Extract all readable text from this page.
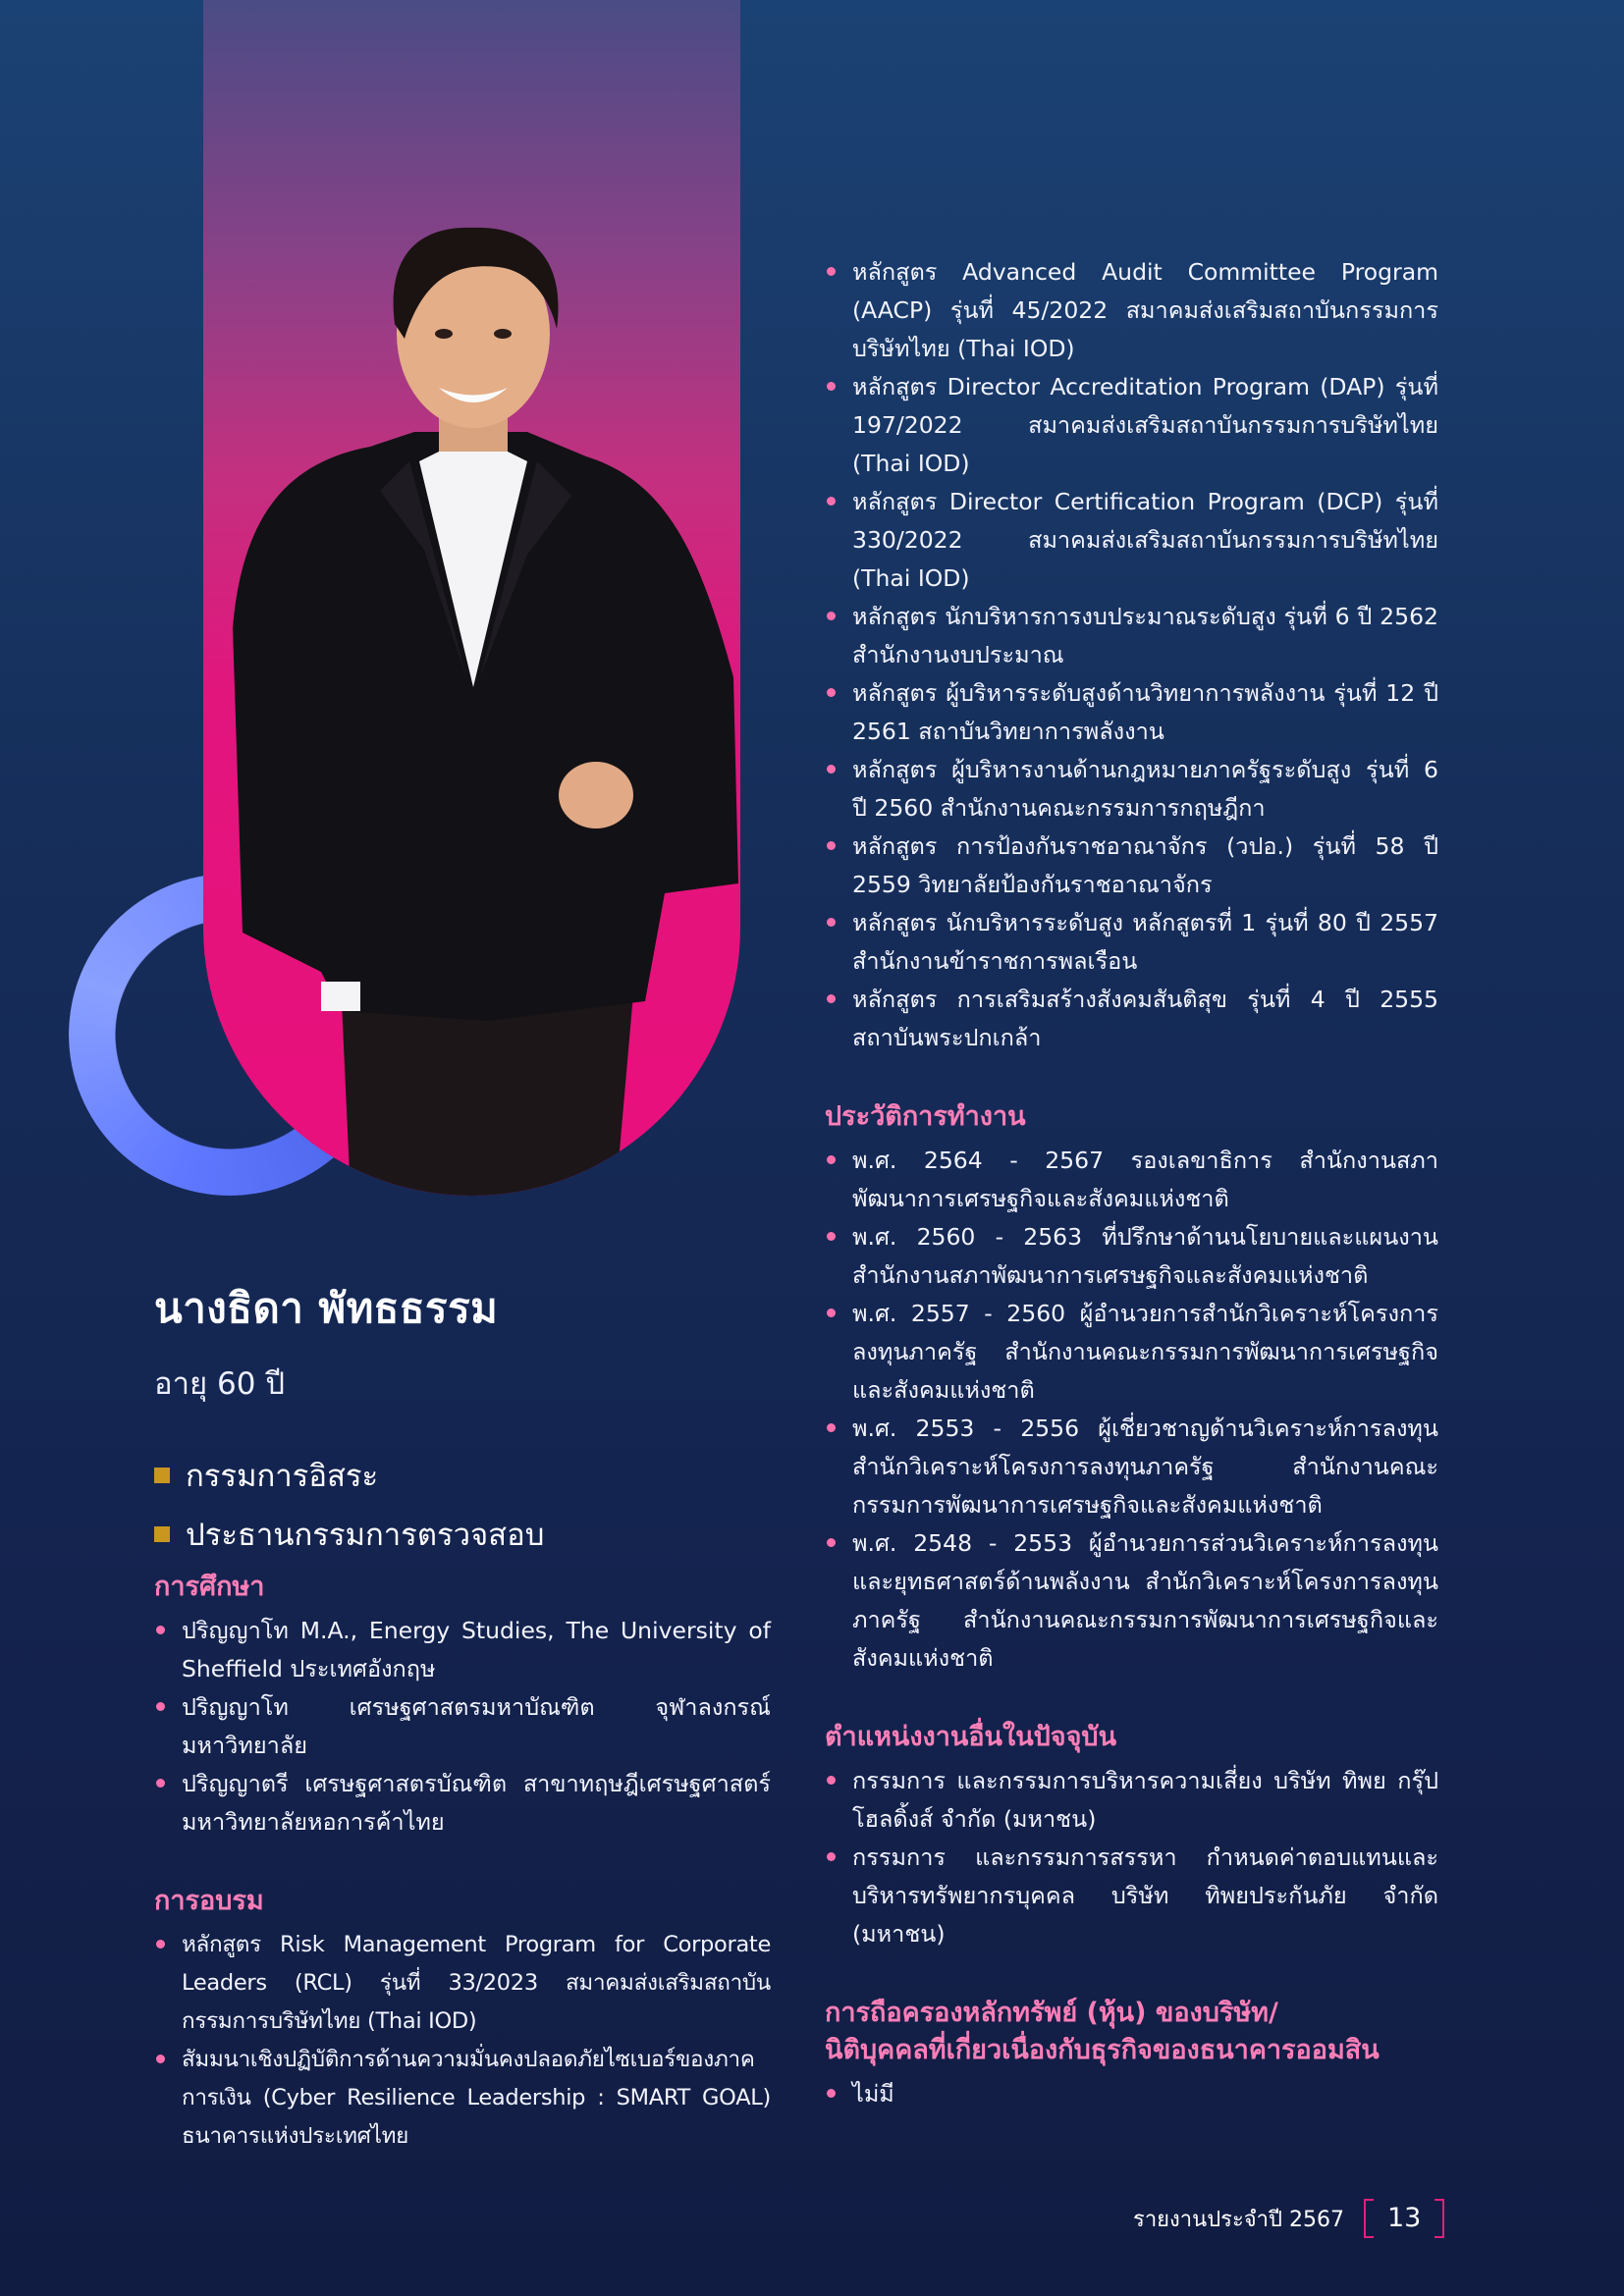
นางธิดา พัทธธรรม
อายุ 60 ปี
กรรมการอิสระ
ประธานกรรมการตรวจสอบ
การศึกษา
ปริญญาโท M.A., Energy Studies, The University of Sheffield ประเทศอังกฤษ
ปริญญาโท เศรษฐศาสตรมหาบัณฑิต จุฬาลงกรณ์มหาวิทยาลัย
ปริญญาตรี เศรษฐศาสตรบัณฑิต สาขาทฤษฎีเศรษฐศาสตร์ มหาวิทยาลัยหอการค้าไทย
การอบรม
หลักสูตร Risk Management Program for Corporate Leaders (RCL) รุ่นที่ 33/2023 สมาคมส่งเสริมสถาบันกรรมการบริษัทไทย (Thai IOD)
สัมมนาเชิงปฏิบัติการด้านความมั่นคงปลอดภัยไซเบอร์ของภาคการเงิน (Cyber Resilience Leadership : SMART GOAL) ธนาคารแห่งประเทศไทย
หลักสูตร Advanced Audit Committee Program (AACP) รุ่นที่ 45/2022 สมาคมส่งเสริมสถาบันกรรมการบริษัทไทย (Thai IOD)
หลักสูตร Director Accreditation Program (DAP) รุ่นที่ 197/2022 สมาคมส่งเสริมสถาบันกรรมการบริษัทไทย (Thai IOD)
หลักสูตร Director Certification Program (DCP) รุ่นที่ 330/2022 สมาคมส่งเสริมสถาบันกรรมการบริษัทไทย (Thai IOD)
หลักสูตร นักบริหารการงบประมาณระดับสูง รุ่นที่ 6 ปี 2562 สำนักงานงบประมาณ
หลักสูตร ผู้บริหารระดับสูงด้านวิทยาการพลังงาน รุ่นที่ 12 ปี 2561 สถาบันวิทยาการพลังงาน
หลักสูตร ผู้บริหารงานด้านกฎหมายภาครัฐระดับสูง รุ่นที่ 6 ปี 2560 สำนักงานคณะกรรมการกฤษฎีกา
หลักสูตร การป้องกันราชอาณาจักร (วปอ.) รุ่นที่ 58 ปี 2559 วิทยาลัยป้องกันราชอาณาจักร
หลักสูตร นักบริหารระดับสูง หลักสูตรที่ 1 รุ่นที่ 80 ปี 2557 สำนักงานข้าราชการพลเรือน
หลักสูตร การเสริมสร้างสังคมสันติสุข รุ่นที่ 4 ปี 2555 สถาบันพระปกเกล้า
ประวัติการทำงาน
พ.ศ. 2564 - 2567 รองเลขาธิการ สำนักงานสภาพัฒนาการเศรษฐกิจและสังคมแห่งชาติ
พ.ศ. 2560 - 2563 ที่ปรึกษาด้านนโยบายและแผนงาน สำนักงานสภาพัฒนาการเศรษฐกิจและสังคมแห่งชาติ
พ.ศ. 2557 - 2560 ผู้อำนวยการสำนักวิเคราะห์โครงการลงทุนภาครัฐ สำนักงานคณะกรรมการพัฒนาการเศรษฐกิจและสังคมแห่งชาติ
พ.ศ. 2553 - 2556 ผู้เชี่ยวชาญด้านวิเคราะห์การลงทุน สำนักวิเคราะห์โครงการลงทุนภาครัฐ สำนักงานคณะกรรมการพัฒนาการเศรษฐกิจและสังคมแห่งชาติ
พ.ศ. 2548 - 2553 ผู้อำนวยการส่วนวิเคราะห์การลงทุนและยุทธศาสตร์ด้านพลังงาน สำนักวิเคราะห์โครงการลงทุนภาครัฐ สำนักงานคณะกรรมการพัฒนาการเศรษฐกิจและสังคมแห่งชาติ
ตำแหน่งงานอื่นในปัจจุบัน
กรรมการ และกรรมการบริหารความเสี่ยง บริษัท ทิพย กรุ๊ป โฮลดิ้งส์ จำกัด (มหาชน)
กรรมการ และกรรมการสรรหา กำหนดค่าตอบแทนและบริหารทรัพยากรบุคคล บริษัท ทิพยประกันภัย จำกัด (มหาชน)
การถือครองหลักทรัพย์ (หุ้น) ของบริษัท/
นิติบุคคลที่เกี่ยวเนื่องกับธุรกิจของธนาคารออมสิน
ไม่มี
รายงานประจำปี 2567	13
